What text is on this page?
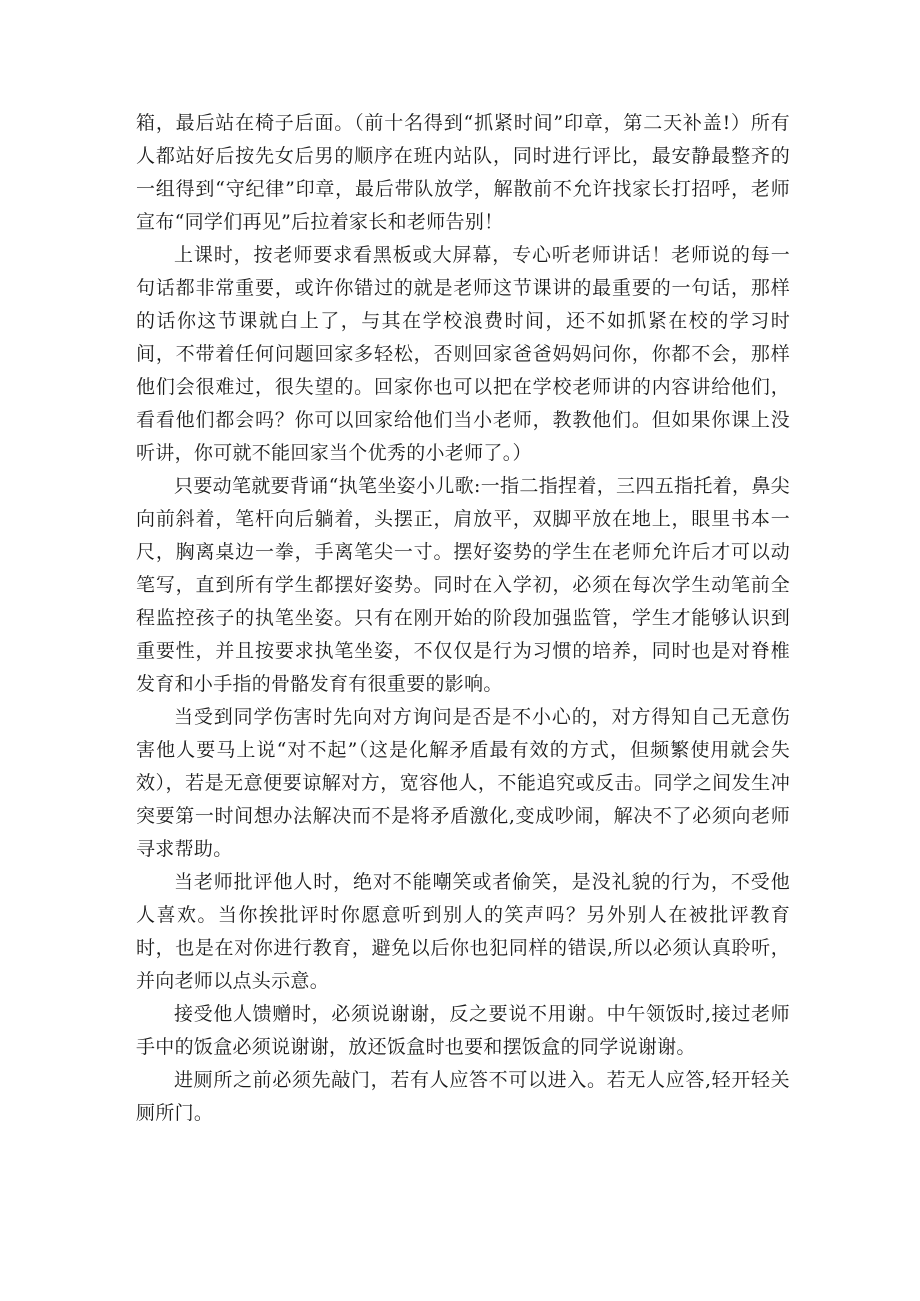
箱，最后站在椅子后面。（前十名得到“抓紧时间”印章，第二天补盖!）所有人都站好后按先女后男的顺序在班内站队，同时进行评比，最安静最整齐的一组得到“守纪律”印章，最后带队放学，解散前不允许找家长打招呼，老师宣布“同学们再见”后拉着家长和老师告别！

上课时，按老师要求看黑板或大屏幕，专心听老师讲话！老师说的每一句话都非常重要，或许你错过的就是老师这节课讲的最重要的一句话，那样的话你这节课就白上了，与其在学校浪费时间，还不如抓紧在校的学习时间，不带着任何问题回家多轻松，否则回家爸爸妈妈问你，你都不会，那样他们会很难过，很失望的。回家你也可以把在学校老师讲的内容讲给他们，看看他们都会吗？你可以回家给他们当小老师，教教他们。但如果你课上没听讲，你可就不能回家当个优秀的小老师了。）

只要动笔就要背诵“执笔坐姿小儿歌:一指二指捏着，三四五指托着，鼻尖向前斜着，笔杆向后躺着，头摆正，肩放平，双脚平放在地上，眼里书本一尺，胸离桌边一拳，手离笔尖一寸。摆好姿势的学生在老师允许后才可以动笔写，直到所有学生都摆好姿势。同时在入学初，必须在每次学生动笔前全程监控孩子的执笔坐姿。只有在刚开始的阶段加强监管，学生才能够认识到重要性，并且按要求执笔坐姿，不仅仅是行为习惯的培养，同时也是对脊椎发育和小手指的骨骼发育有很重要的影响。

当受到同学伤害时先向对方询问是否是不小心的，对方得知自己无意伤害他人要马上说“对不起”（这是化解矛盾最有效的方式，但频繁使用就会失效），若是无意便要谅解对方，宽容他人，不能追究或反击。同学之间发生冲突要第一时间想办法解决而不是将矛盾激化,变成吵闹，解决不了必须向老师寻求帮助。

当老师批评他人时，绝对不能嘲笑或者偷笑，是没礼貌的行为，不受他人喜欢。当你挨批评时你愿意听到别人的笑声吗？另外别人在被批评教育时，也是在对你进行教育，避免以后你也犯同样的错误,所以必须认真聆听，并向老师以点头示意。

接受他人馈赠时，必须说谢谢，反之要说不用谢。中午领饭时,接过老师手中的饭盒必须说谢谢，放还饭盒时也要和摆饭盒的同学说谢谢。

进厕所之前必须先敲门，若有人应答不可以进入。若无人应答,轻开轻关厕所门。
